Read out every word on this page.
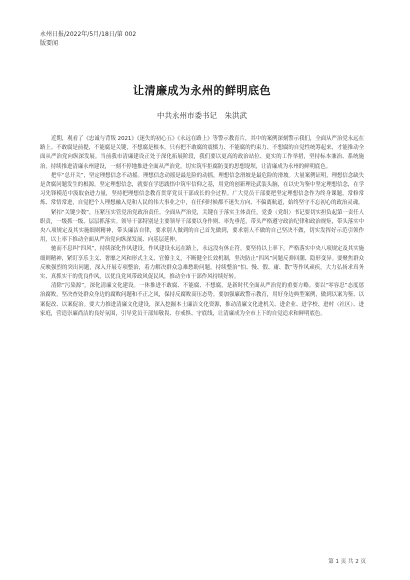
永州日报/2022年/5月/18日/第 002
版要闻
让清廉成为永州的鲜明底色
中共永州市委书记　朱洪武

近期，观看了《忠诚与背叛 2021》《迷失的初心五》《永远在路上》等警示教育片，其中的案例深刻警示我们，全面从严治党永远在路上。不敢腐是前提，不能腐是关键，不想腐是根本。只有把不敢腐的震慑力、不能腐的约束力、不想腐的自觉性统筹起来，才能推动全面从严治党向纵深发展。当前我市清廉建设正处于深化拓展阶段，我们要以更高的政治站位、更实的工作举措，坚持标本兼治、系统施治，持续推进清廉永州建设，一刻不停地推进全面从严治党，切实筑牢拒腐防变的思想堤坝，让清廉成为永州的鲜明底色。

把牢“总开关”，坚定理想信念不动摇。理想信念动摇是最危险的动摇，理想信念滑坡是最危险的滑坡。大量案例证明，理想信念缺失是贪腐问题发生的根源。坚定理想信念，就要在学思践悟中筑牢信仰之基，用党的创新理论武装头脑，在以史为鉴中坚定理想信念，在学习先锋模范中汲取奋进力量，坚持把理想信念教育贯穿党员干部成长的全过程。广大党员干部要把坚定理想信念作为终身课题，常修常炼、常悟常进，自觉把个人理想融入党和人民的伟大事业之中，在任何时候都不迷失方向、不偏离航道，始终坚守不忘初心的政治灵魂。

紧扣“关键少数”，压紧压实管党治党政治责任。全面从严治党，关键在于落实主体责任，党委（党组）书记要切实担负起第一责任人职责，一级抓一级、层层抓落实。领导干部特别是主要领导干部要以身作则、率先垂范，带头严格遵守政治纪律和政治规矩，带头落实中央八项规定及其实施细则精神，带头廉洁自律，要求别人做到的自己首先做到，要求别人不做的自己坚决不做，切实发挥好示范引领作用，以上率下推动全面从严治党向纵深发展、向基层延伸。

驰而不息纠“四风”，持续深化作风建设。作风建设永远在路上，永远没有休止符。要坚持以上率下，严格落实中央八项规定及其实施细则精神，紧盯享乐主义、奢靡之风和形式主义、官僚主义，不断健全长效机制，坚决防止“四风”问题反弹回潮、隐形变异。要聚焦群众反映强烈的突出问题，深入开展专项整治，着力解决群众急难愁盼问题，持续整治“怕、慢、假、庸、散”等作风顽疾，大力弘扬求真务实、真抓实干的优良作风，以优良党风带政风促民风，推动全市干部作风持续好转。

清除“污染源”，深化清廉文化建设。一体推进不敢腐、不能腐、不想腐，是新时代全面从严治党的重要方略。要以“零容忍”态度惩治腐败，坚决查处群众身边的腐败问题和不正之风，保持反腐败高压态势。要加强廉政警示教育，用好身边典型案例，做到以案为鉴、以案促改、以案促治。要大力推进清廉文化建设，深入挖掘本土廉洁文化资源，推动清廉文化进机关、进企业、进学校、进村（社区）、进家庭，营造崇廉尚洁的良好氛围，引导党员干部知敬畏、存戒惧、守底线，让清廉成为全市上下的自觉追求和鲜明底色。

第 1 页 共 2 页
